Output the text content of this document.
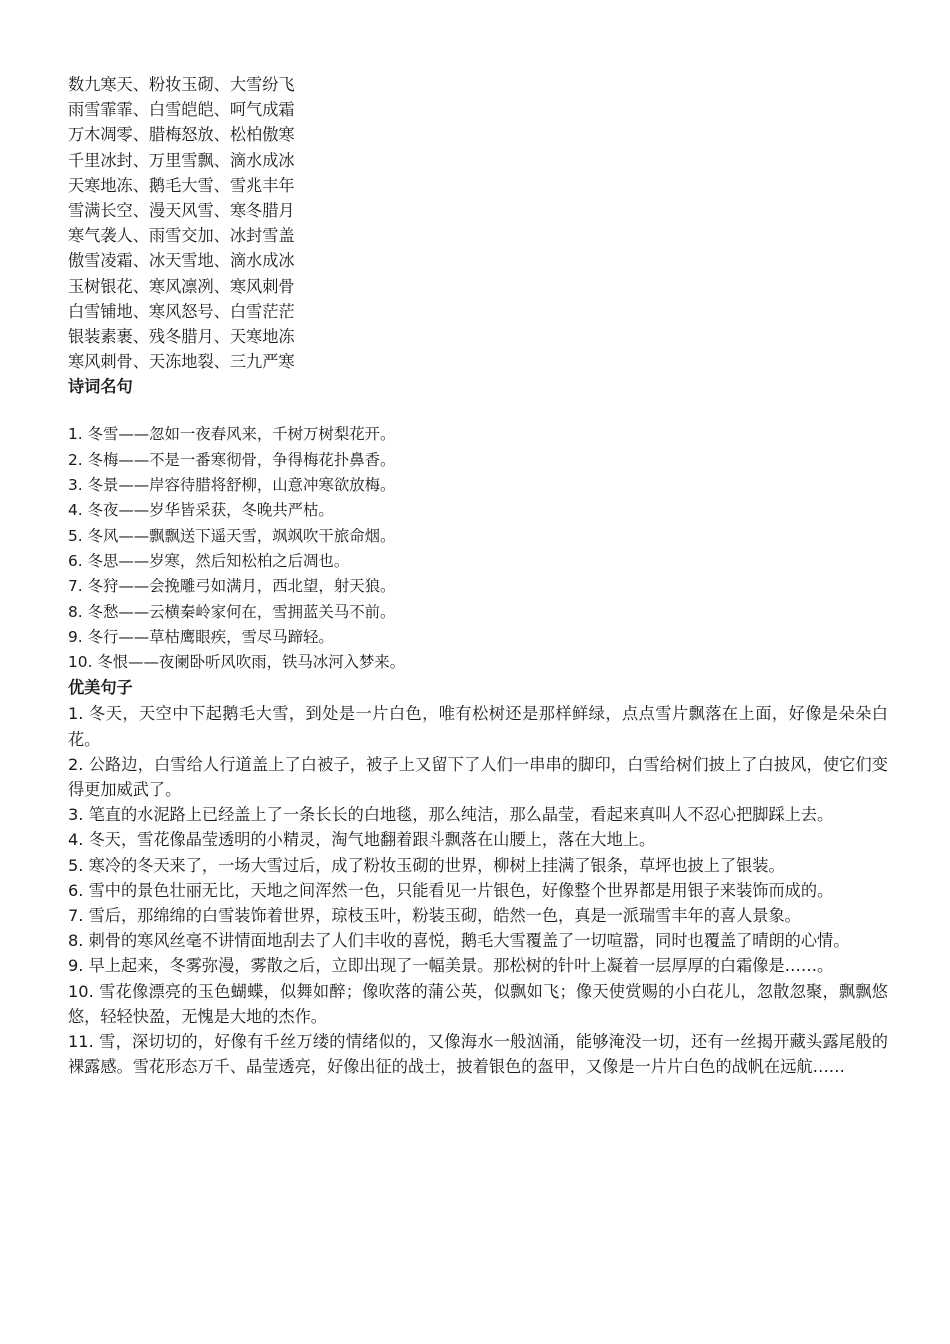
数九寒天、粉妆玉砌、大雪纷飞
雨雪霏霏、白雪皑皑、呵气成霜
万木凋零、腊梅怒放、松柏傲寒
千里冰封、万里雪飘、滴水成冰
天寒地冻、鹅毛大雪、雪兆丰年
雪满长空、漫天风雪、寒冬腊月
寒气袭人、雨雪交加、冰封雪盖
傲雪凌霜、冰天雪地、滴水成冰
玉树银花、寒风凛冽、寒风刺骨
白雪铺地、寒风怒号、白雪茫茫
银装素裹、残冬腊月、天寒地冻
寒风刺骨、天冻地裂、三九严寒
诗词名句
1. 冬雪——忽如一夜春风来，千树万树梨花开。
2. 冬梅——不是一番寒彻骨，争得梅花扑鼻香。
3. 冬景——岸容待腊将舒柳，山意冲寒欲放梅。
4. 冬夜——岁华皆采获，冬晚共严枯。
5. 冬风——飘飘送下遥天雪，飒飒吹干旅命烟。
6. 冬思——岁寒，然后知松柏之后凋也。
7. 冬狩——会挽雕弓如满月，西北望，射天狼。
8. 冬愁——云横秦岭家何在，雪拥蓝关马不前。
9. 冬行——草枯鹰眼疾，雪尽马蹄轻。
10. 冬恨——夜阑卧听风吹雨，铁马冰河入梦来。
优美句子
1. 冬天，天空中下起鹅毛大雪，到处是一片白色，唯有松树还是那样鲜绿，点点雪片飘落在上面，好像是朵朵白花。
2. 公路边，白雪给人行道盖上了白被子，被子上又留下了人们一串串的脚印，白雪给树们披上了白披风，使它们变得更加威武了。
3. 笔直的水泥路上已经盖上了一条长长的白地毯，那么纯洁，那么晶莹，看起来真叫人不忍心把脚踩上去。
4. 冬天，雪花像晶莹透明的小精灵，淘气地翻着跟斗飘落在山腰上，落在大地上。
5. 寒冷的冬天来了，一场大雪过后，成了粉妆玉砌的世界，柳树上挂满了银条，草坪也披上了银装。
6. 雪中的景色壮丽无比，天地之间浑然一色，只能看见一片银色，好像整个世界都是用银子来装饰而成的。
7. 雪后，那绵绵的白雪装饰着世界，琼枝玉叶，粉装玉砌，皓然一色，真是一派瑞雪丰年的喜人景象。
8. 刺骨的寒风丝毫不讲情面地刮去了人们丰收的喜悦，鹅毛大雪覆盖了一切喧嚣，同时也覆盖了晴朗的心情。
9. 早上起来，冬雾弥漫，雾散之后，立即出现了一幅美景。那松树的针叶上凝着一层厚厚的白霜像是……。
10. 雪花像漂亮的玉色蝴蝶，似舞如醉；像吹落的蒲公英，似飘如飞；像天使赏赐的小白花儿，忽散忽聚，飘飘悠悠，轻轻快盈，无愧是大地的杰作。
11. 雪，深切切的，好像有千丝万缕的情绪似的，又像海水一般汹涌，能够淹没一切，还有一丝揭开藏头露尾般的裸露感。雪花形态万千、晶莹透亮，好像出征的战士，披着银色的盔甲，又像是一片片白色的战帆在远航……
